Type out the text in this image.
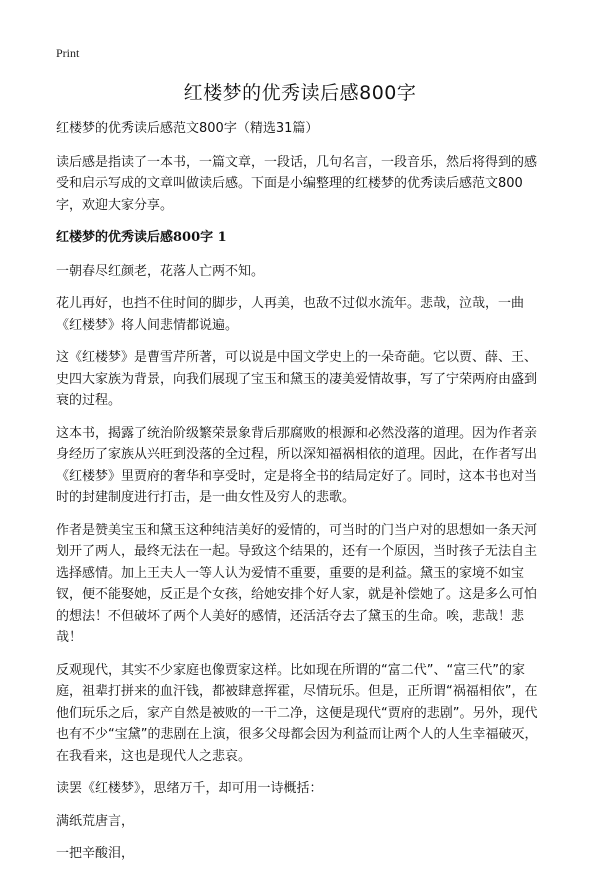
Print
红楼梦的优秀读后感800字

红楼梦的优秀读后感范文800字（精选31篇）

读后感是指读了一本书，一篇文章，一段话，几句名言，一段音乐，然后将得到的感受和启示写成的文章叫做读后感。下面是小编整理的红楼梦的优秀读后感范文800字，欢迎大家分享。

红楼梦的优秀读后感800字 1

一朝春尽红颜老，花落人亡两不知。

花儿再好，也挡不住时间的脚步，人再美，也敌不过似水流年。悲哉，泣哉，一曲《红楼梦》将人间悲情都说遍。

这《红楼梦》是曹雪芹所著，可以说是中国文学史上的一朵奇葩。它以贾、薛、王、史四大家族为背景，向我们展现了宝玉和黛玉的凄美爱情故事，写了宁荣两府由盛到衰的过程。

这本书，揭露了统治阶级繁荣景象背后那腐败的根源和必然没落的道理。因为作者亲身经历了家族从兴旺到没落的全过程，所以深知福祸相依的道理。因此，在作者写出《红楼梦》里贾府的奢华和享受时，定是将全书的结局定好了。同时，这本书也对当时的封建制度进行打击，是一曲女性及穷人的悲歌。

作者是赞美宝玉和黛玉这种纯洁美好的爱情的，可当时的门当户对的思想如一条天河划开了两人，最终无法在一起。导致这个结果的，还有一个原因，当时孩子无法自主选择感情。加上王夫人一等人认为爱情不重要，重要的是利益。黛玉的家境不如宝钗，便不能娶她，反正是个女孩，给她安排个好人家，就是补偿她了。这是多么可怕的想法！不但破坏了两个人美好的感情，还活活夺去了黛玉的生命。唉，悲哉！悲哉！

反观现代，其实不少家庭也像贾家这样。比如现在所谓的“富二代”、“富三代”的家庭，祖辈打拼来的血汗钱，都被肆意挥霍，尽情玩乐。但是，正所谓“祸福相依”，在他们玩乐之后，家产自然是被败的一干二净，这便是现代“贾府的悲剧”。另外，现代也有不少“宝黛”的悲剧在上演，很多父母都会因为利益而让两个人的人生幸福破灭，在我看来，这也是现代人之悲哀。

读罢《红楼梦》，思绪万千，却可用一诗概括：

满纸荒唐言，

一把辛酸泪，
